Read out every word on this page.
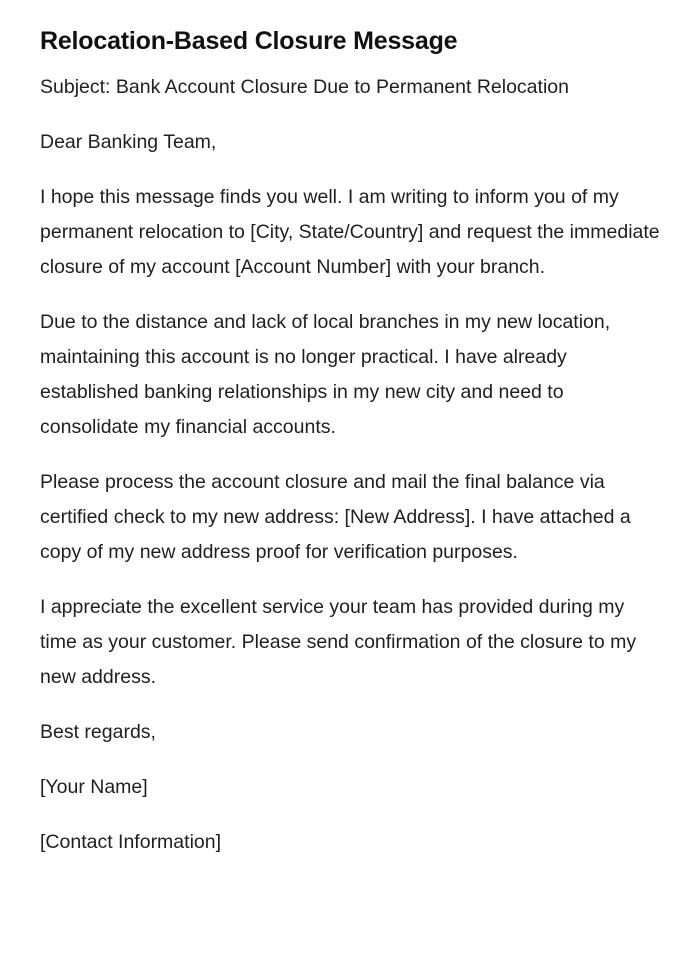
Relocation-Based Closure Message

Subject: Bank Account Closure Due to Permanent Relocation

Dear Banking Team,

I hope this message finds you well. I am writing to inform you of my permanent relocation to [City, State/Country] and request the immediate closure of my account [Account Number] with your branch.

Due to the distance and lack of local branches in my new location, maintaining this account is no longer practical. I have already established banking relationships in my new city and need to consolidate my financial accounts.

Please process the account closure and mail the final balance via certified check to my new address: [New Address]. I have attached a copy of my new address proof for verification purposes.

I appreciate the excellent service your team has provided during my time as your customer. Please send confirmation of the closure to my new address.

Best regards,

[Your Name]

[Contact Information]
